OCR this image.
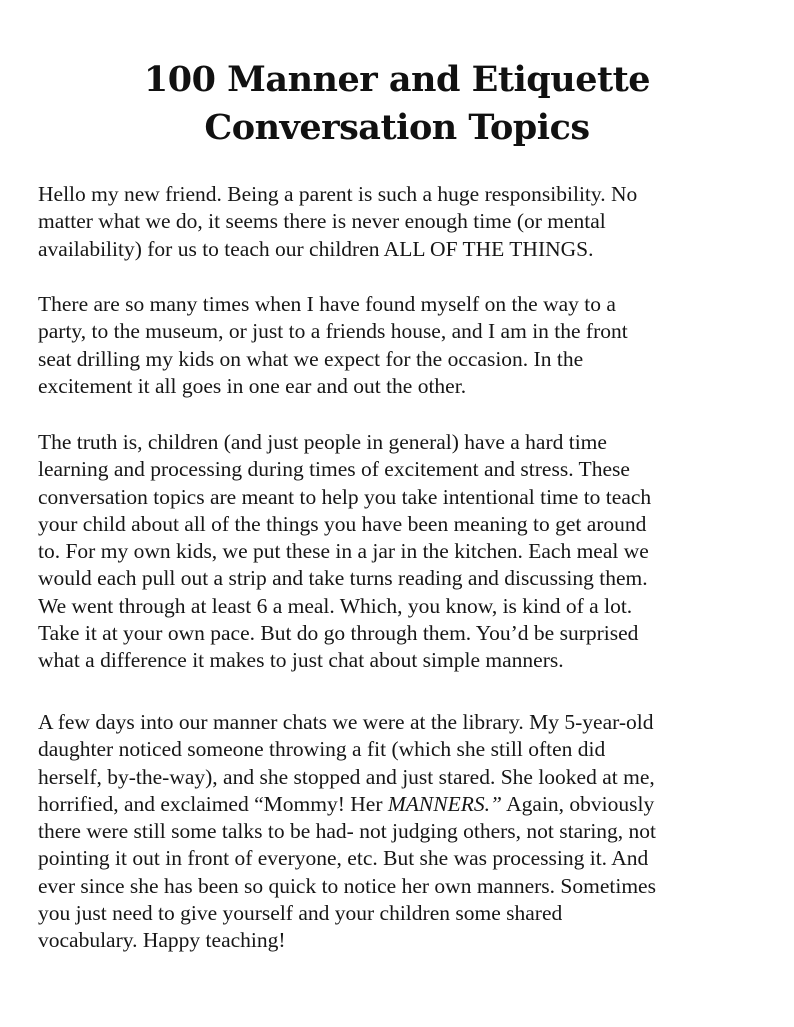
100 Manner and Etiquette
Conversation Topics

Hello my new friend. Being a parent is such a huge responsibility. No
matter what we do, it seems there is never enough time (or mental
availability) for us to teach our children ALL OF THE THINGS.

There are so many times when I have found myself on the way to a
party, to the museum, or just to a friends house, and I am in the front
seat drilling my kids on what we expect for the occasion. In the
excitement it all goes in one ear and out the other.

The truth is, children (and just people in general) have a hard time
learning and processing during times of excitement and stress. These
conversation topics are meant to help you take intentional time to teach
your child about all of the things you have been meaning to get around
to. For my own kids, we put these in a jar in the kitchen. Each meal we
would each pull out a strip and take turns reading and discussing them.
We went through at least 6 a meal. Which, you know, is kind of a lot.
Take it at your own pace. But do go through them. You’d be surprised
what a difference it makes to just chat about simple manners.

A few days into our manner chats we were at the library. My 5-year-old
daughter noticed someone throwing a fit (which she still often did
herself, by-the-way), and she stopped and just stared. She looked at me,
horrified, and exclaimed “Mommy! Her MANNERS.” Again, obviously
there were still some talks to be had- not judging others, not staring, not
pointing it out in front of everyone, etc. But she was processing it. And
ever since she has been so quick to notice her own manners. Sometimes
you just need to give yourself and your children some shared
vocabulary. Happy teaching!
